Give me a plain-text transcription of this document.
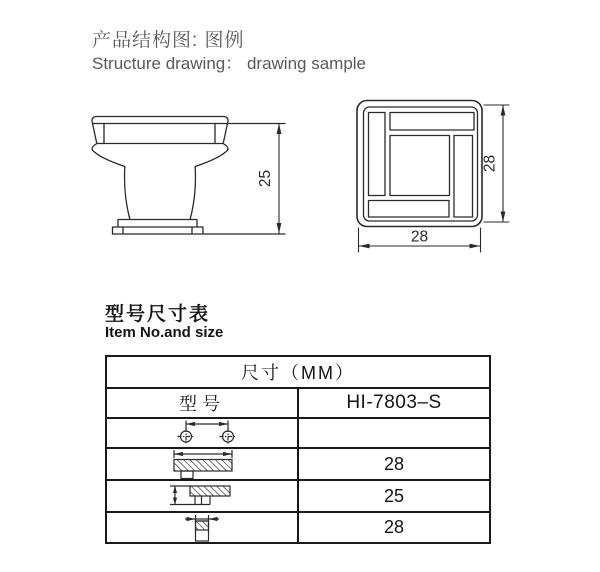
产品结构图: 图例
Structure drawing： drawing sample
25
28
28
型号尺寸表
Item No.and size
尺寸（MM）	
型号	HI-7803–S

	28

	25

	28
